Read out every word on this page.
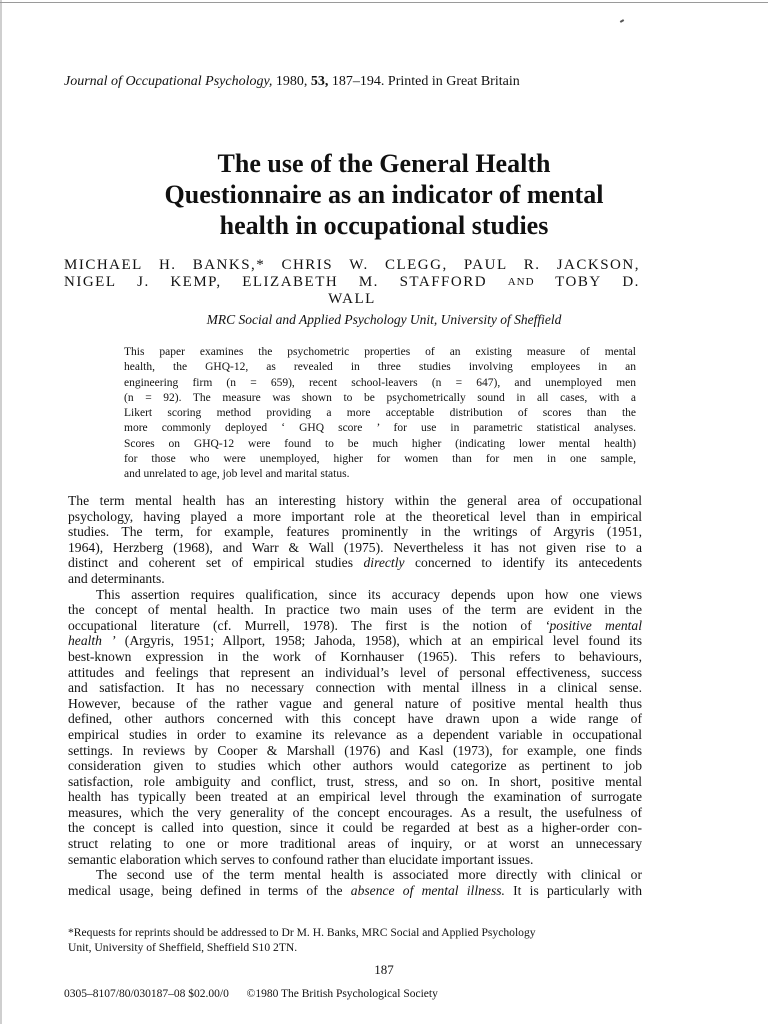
Journal of Occupational Psychology, 1980, 53, 187–194. Printed in Great Britain
The use of the General Health
Questionnaire as an indicator of mental
health in occupational studies
MICHAEL H. BANKS,* CHRIS W. CLEGG, PAUL R. JACKSON,
NIGEL J. KEMP, ELIZABETH M. STAFFORD AND TOBY D.
WALL
MRC Social and Applied Psychology Unit, University of Sheffield
This paper examines the psychometric properties of an existing measure of mental
health, the GHQ-12, as revealed in three studies involving employees in an
engineering firm (n = 659), recent school-leavers (n = 647), and unemployed men
(n = 92). The measure was shown to be psychometrically sound in all cases, with a
Likert scoring method providing a more acceptable distribution of scores than the
more commonly deployed ‘ GHQ score ’ for use in parametric statistical analyses.
Scores on GHQ-12 were found to be much higher (indicating lower mental health)
for those who were unemployed, higher for women than for men in one sample,
and unrelated to age, job level and marital status.
The term mental health has an interesting history within the general area of occupational
psychology, having played a more important role at the theoretical level than in empirical
studies. The term, for example, features prominently in the writings of Argyris (1951,
1964), Herzberg (1968), and Warr & Wall (1975). Nevertheless it has not given rise to a
distinct and coherent set of empirical studies directly concerned to identify its antecedents
and determinants.
This assertion requires qualification, since its accuracy depends upon how one views
the concept of mental health. In practice two main uses of the term are evident in the
occupational literature (cf. Murrell, 1978). The first is the notion of ‘positive mental
health ’ (Argyris, 1951; Allport, 1958; Jahoda, 1958), which at an empirical level found its
best-known expression in the work of Kornhauser (1965). This refers to behaviours,
attitudes and feelings that represent an individual’s level of personal effectiveness, success
and satisfaction. It has no necessary connection with mental illness in a clinical sense.
However, because of the rather vague and general nature of positive mental health thus
defined, other authors concerned with this concept have drawn upon a wide range of
empirical studies in order to examine its relevance as a dependent variable in occupational
settings. In reviews by Cooper & Marshall (1976) and Kasl (1973), for example, one finds
consideration given to studies which other authors would categorize as pertinent to job
satisfaction, role ambiguity and conflict, trust, stress, and so on. In short, positive mental
health has typically been treated at an empirical level through the examination of surrogate
measures, which the very generality of the concept encourages. As a result, the usefulness of
the concept is called into question, since it could be regarded at best as a higher-order con-
struct relating to one or more traditional areas of inquiry, or at worst an unnecessary
semantic elaboration which serves to confound rather than elucidate important issues.
The second use of the term mental health is associated more directly with clinical or
medical usage, being defined in terms of the absence of mental illness. It is particularly with
*Requests for reprints should be addressed to Dr M. H. Banks, MRC Social and Applied Psychology
Unit, University of Sheffield, Sheffield S10 2TN.
187
0305–8107/80/030187–08 $02.00/0 ©1980 The British Psychological Society
